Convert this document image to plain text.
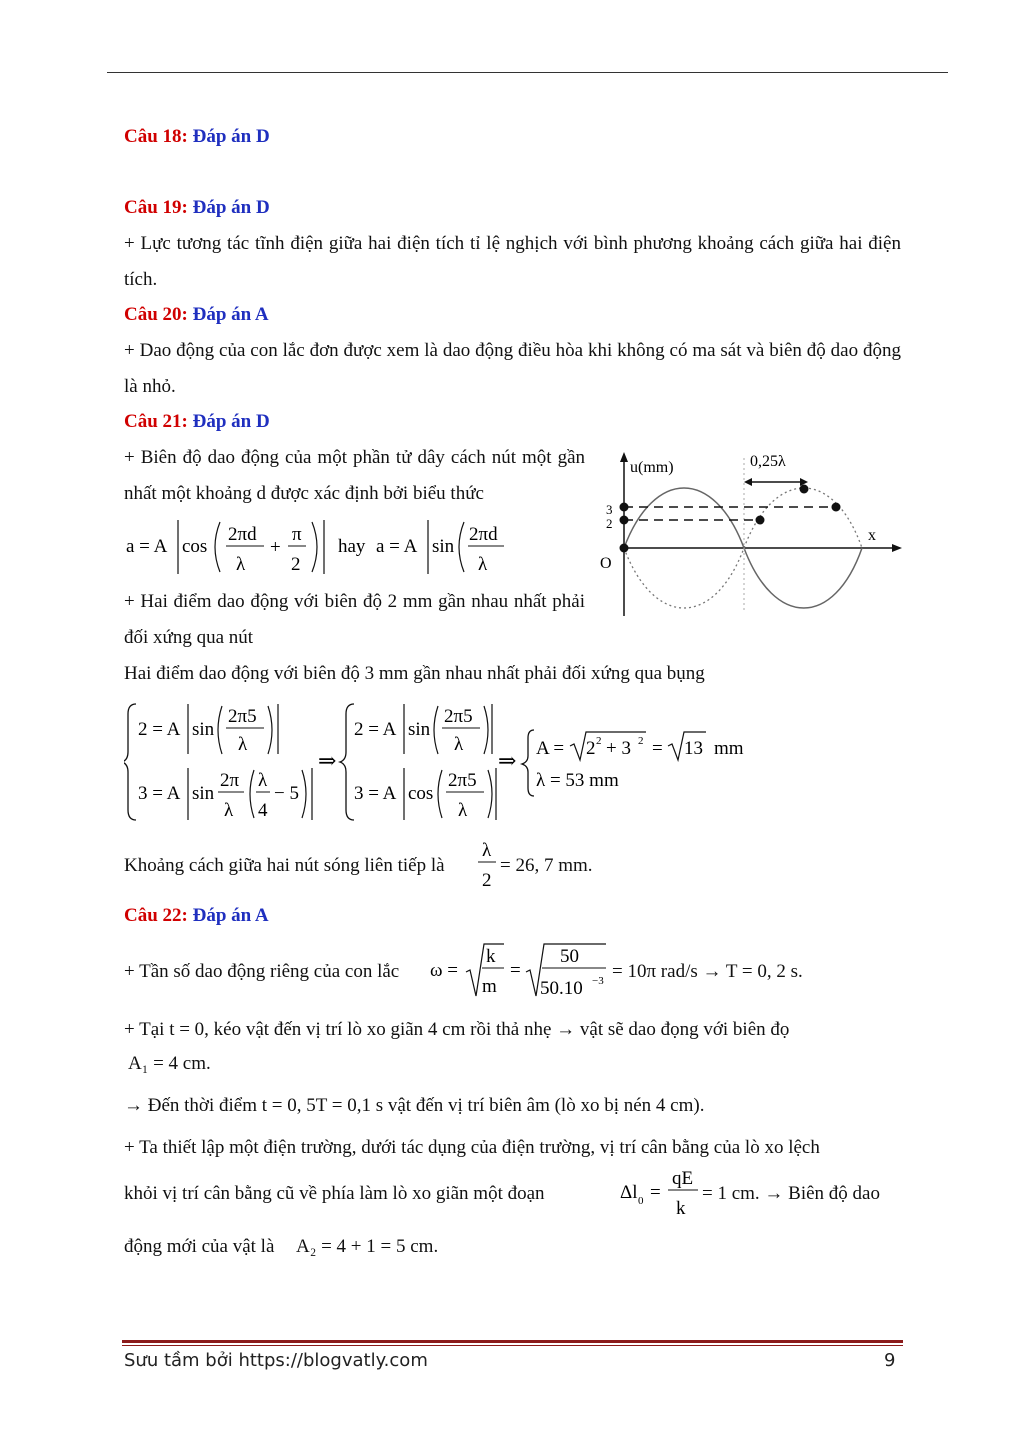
Câu 18: Đáp án D
Câu 19: Đáp án D
+ Lực tương tác tĩnh điện giữa hai điện tích tỉ lệ nghịch với bình phương khoảng cách giữa hai điện tích.
Câu 20: Đáp án A
+ Dao động của con lắc đơn được xem là dao động điều hòa khi không có ma sát và biên độ dao động là nhỏ.
Câu 21: Đáp án D
+ Biên độ dao động của một phần tử dây cách nút một gần nhất một khoảng d được xác định bởi biểu thức
a = A cos
2πd
λ
+
π
2
hay a = A sin
2πd
λ
+ Hai điểm dao động với biên độ 2 mm gần nhau nhất phải đối xứng qua nút
u(mm)
x
O
3
2
0,25λ
Hai điểm dao động với biên độ 3 mm gần nhau nhất phải đối xứng qua bụng
2 = A sin
2π5
λ
3 = A sin
2π
λ
λ
4
− 5
⇒
2 = A sin
2π5
λ
3 = A cos
2π5
λ
⇒ A = 2 2 + 3 2 = 13 mm
λ = 53 mm
Khoảng cách giữa hai nút sóng liên tiếp là
λ
2
= 26, 7 mm.
Câu 22: Đáp án A
+ Tần số dao động riêng của con lắc ω =
k
m
=
50
50.10 −3 = 10π rad/s → T = 0, 2 s.
+ Tại t = 0, kéo vật đến vị trí lò xo giãn 4 cm rồi thả nhẹ → vật sẽ dao đọng với biên đọ
A₁ = 4 cm.
→ Đến thời điểm t = 0, 5T = 0,1 s vật đến vị trí biên âm (lò xo bị nén 4 cm).
+ Ta thiết lập một điện trường, dưới tác dụng của điện trường, vị trí cân bằng của lò xo lệch
khỏi vị trí cân bằng cũ về phía làm lò xo giãn một đoạn	Δl 0 =
qE
k
= 1 cm. → Biên độ dao
động mới của vật là A₂ = 4 + 1 = 5 cm.
Sưu tầm bởi https://blogvatly.com	9
